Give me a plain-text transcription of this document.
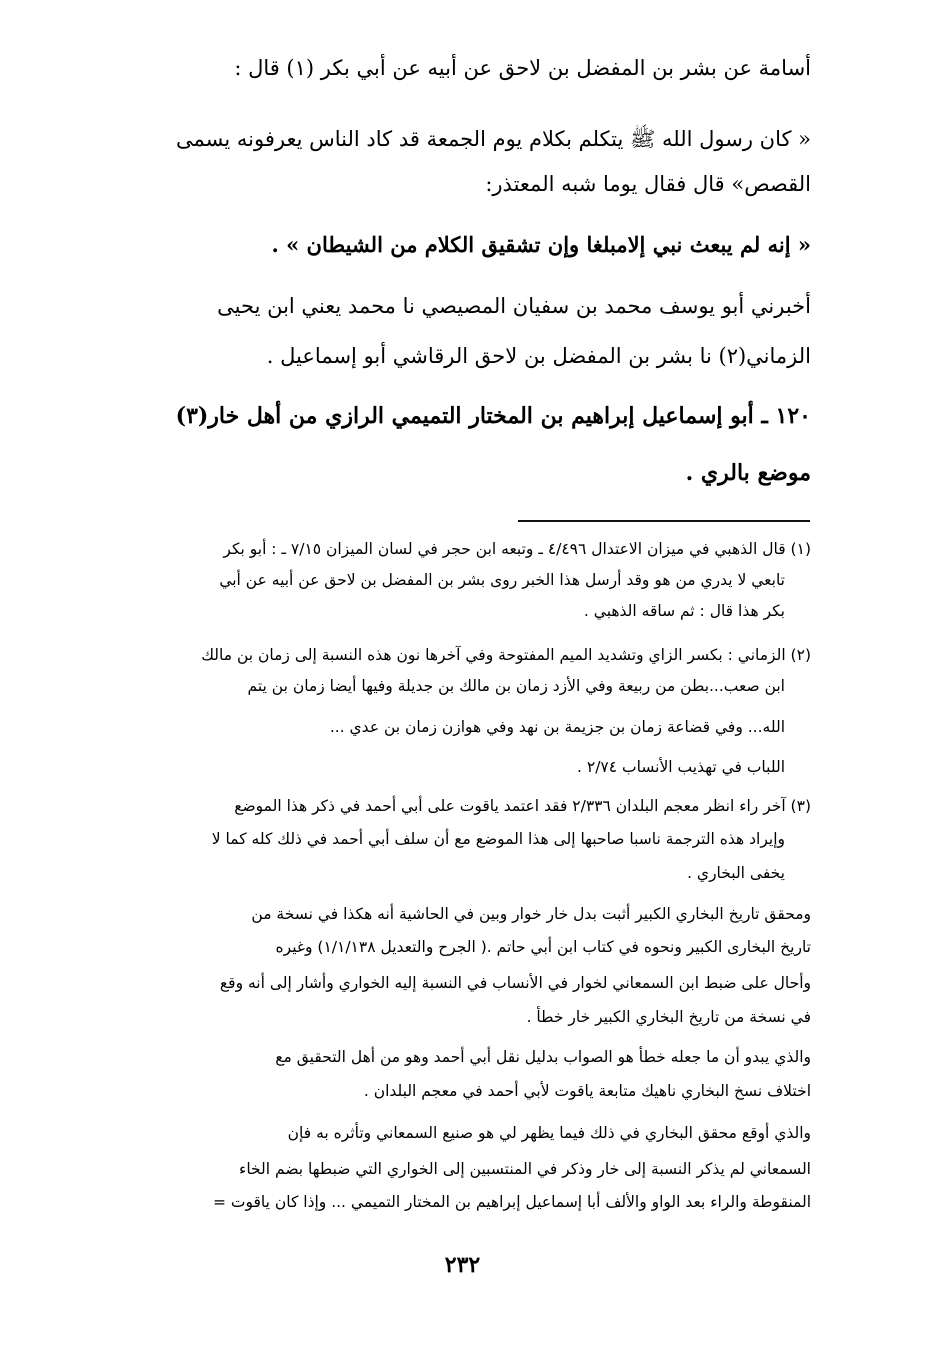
أسامة عن بشر بن المفضل بن لاحق عن أبيه عن أبي بكر (١) قال :
« كان رسول الله ﷺ يتكلم بكلام يوم الجمعة قد كاد الناس يعرفونه يسمى
القصص» قال فقال يوما شبه المعتذر:
« إنه لم يبعث نبي إلامبلغا وإن تشقيق الكلام من الشيطان » .
أخبرني أبو يوسف محمد بن سفيان المصيصي نا محمد يعني ابن يحيى
الزماني(٢) نا بشر بن المفضل بن لاحق الرقاشي أبو إسماعيل .
١٢٠ ـ أبو إسماعيل إبراهيم بن المختار التميمي الرازي من أهل خار(٣)
موضع بالري .
(١) قال الذهبي في ميزان الاعتدال ٤/٤٩٦ ـ وتبعه ابن حجر في لسان الميزان ٧/١٥ ـ : أبو بكر
تابعي لا يدري من هو وقد أرسل هذا الخبر روى بشر بن المفضل بن لاحق عن أبيه عن أبي
بكر هذا قال : ثم ساقه الذهبي .
(٢) الزماني : بكسر الزاي وتشديد الميم المفتوحة وفي آخرها نون هذه النسبة إلى زمان بن مالك
ابن صعب...بطن من ربيعة وفي الأزد زمان بن مالك بن جديلة وفيها أيضا زمان بن يتم
الله... وفي قضاعة زمان بن جزيمة بن نهد وفي هوازن زمان بن عدي ...
اللباب في تهذيب الأنساب ٢/٧٤ .
(٣) آخر راء انظر معجم البلدان ٢/٣٣٦ فقد اعتمد ياقوت على أبي أحمد في ذكر هذا الموضع
وإيراد هذه الترجمة ناسبا صاحبها إلى هذا الموضع مع أن سلف أبي أحمد في ذلك كله كما لا
يخفى البخاري .
ومحقق تاريخ البخاري الكبير أثبت بدل خار خوار وبين في الحاشية أنه هكذا في نسخة من
تاريخ البخارى الكبير ونحوه في كتاب ابن أبي حاتم .( الجرح والتعديل ١/١/١٣٨) وغيره
وأحال على ضبط ابن السمعاني لخوار في الأنساب في النسبة إليه الخواري وأشار إلى أنه وقع
في نسخة من تاريخ البخاري الكبير خار خطأ .
والذي يبدو أن ما جعله خطأ هو الصواب بدليل نقل أبي أحمد وهو من أهل التحقيق مع
اختلاف نسخ البخاري ناهيك متابعة ياقوت لأبي أحمد في معجم البلدان .
والذي أوقع محقق البخاري في ذلك فيما يظهر لي هو صنيع السمعاني وتأثره به فإن
السمعاني لم يذكر النسبة إلى خار وذكر في المنتسبين إلى الخواري التي ضبطها بضم الخاء
المنقوطة والراء بعد الواو والألف أبا إسماعيل إبراهيم بن المختار التميمي ... وإذا كان ياقوت =
٢٣٢
